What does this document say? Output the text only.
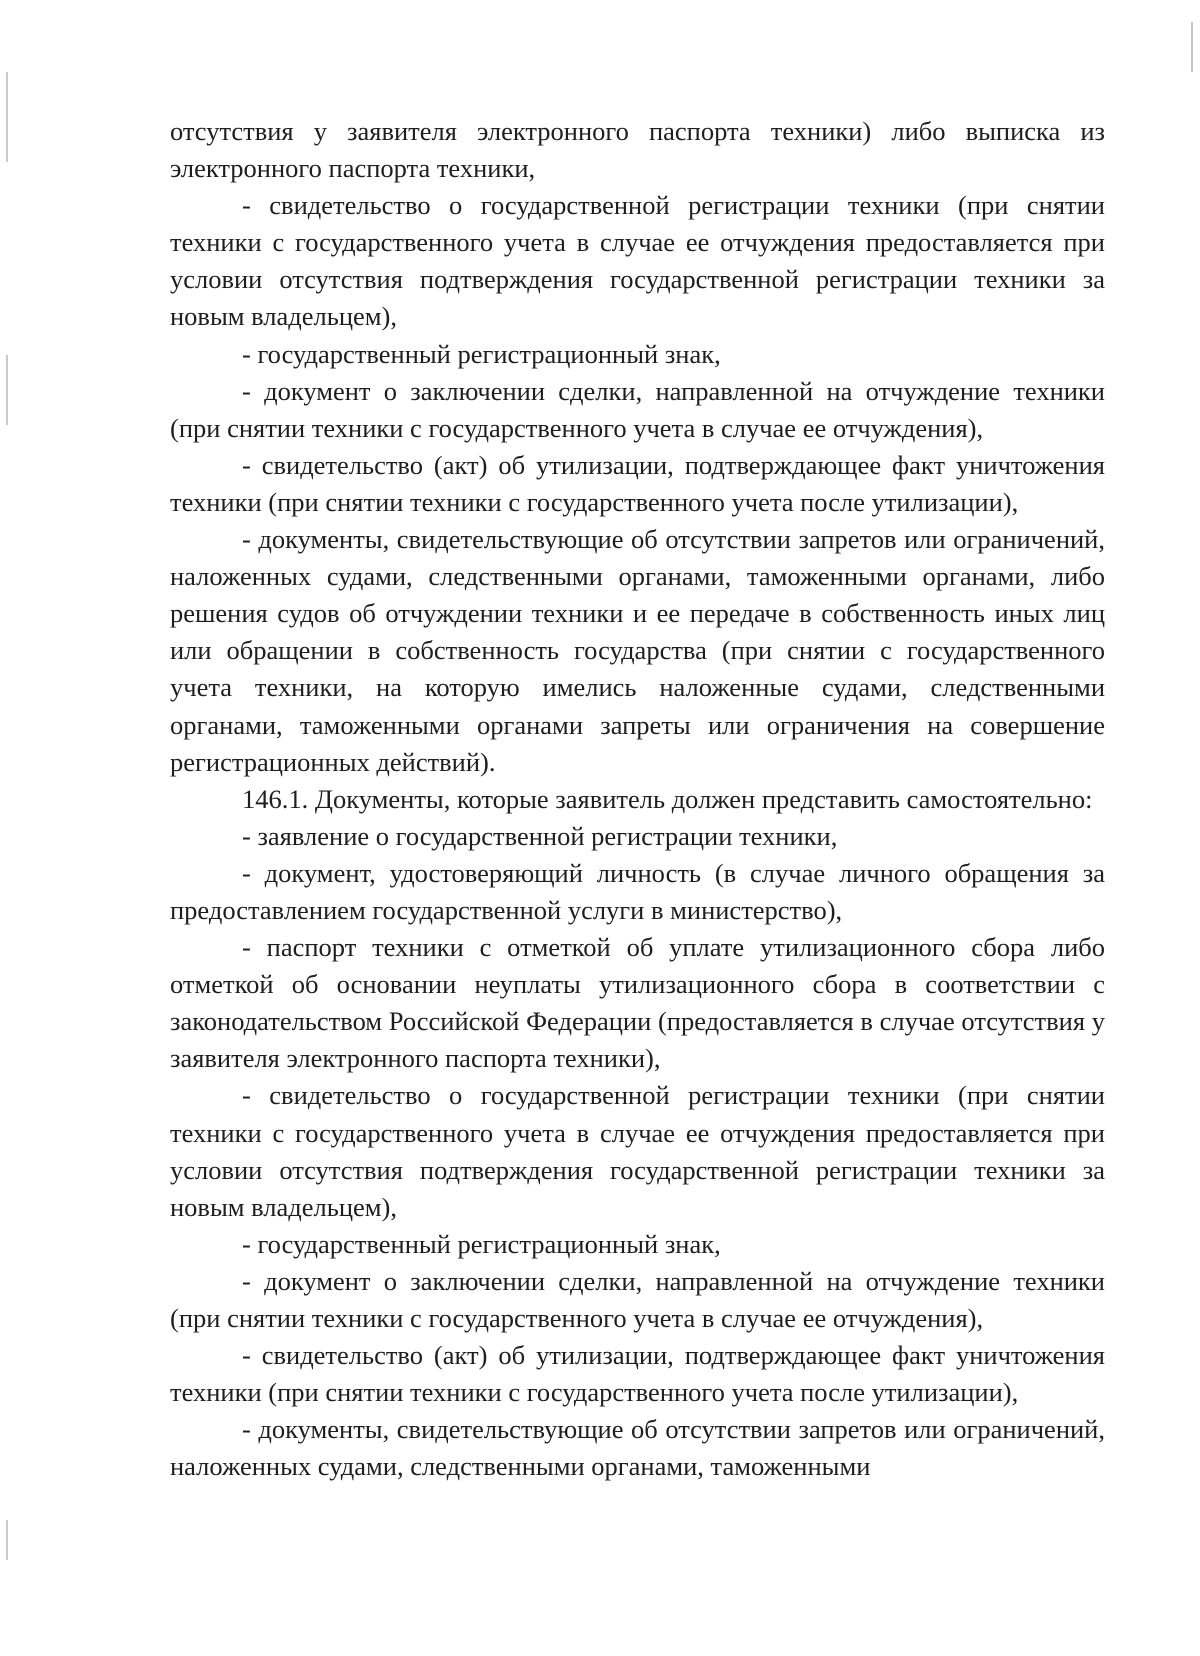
отсутствия у заявителя электронного паспорта техники) либо выписка из электронного паспорта техники,

- свидетельство о государственной регистрации техники (при снятии техники с государственного учета в случае ее отчуждения предоставляется при условии отсутствия подтверждения государственной регистрации техники за новым владельцем),

- государственный регистрационный знак,

- документ о заключении сделки, направленной на отчуждение техники (при снятии техники с государственного учета в случае ее отчуждения),

- свидетельство (акт) об утилизации, подтверждающее факт уничтожения техники (при снятии техники с государственного учета после утилизации),

- документы, свидетельствующие об отсутствии запретов или ограничений, наложенных судами, следственными органами, таможенными органами, либо решения судов об отчуждении техники и ее передаче в собственность иных лиц или обращении в собственность государства (при снятии с государственного учета техники, на которую имелись наложенные судами, следственными органами, таможенными органами запреты или ограничения на совершение регистрационных действий).

146.1. Документы, которые заявитель должен представить самостоятельно:

- заявление о государственной регистрации техники,

- документ, удостоверяющий личность (в случае личного обращения за предоставлением государственной услуги в министерство),

- паспорт техники с отметкой об уплате утилизационного сбора либо отметкой об основании неуплаты утилизационного сбора в соответствии с законодательством Российской Федерации (предоставляется в случае отсутствия у заявителя электронного паспорта техники),

- свидетельство о государственной регистрации техники (при снятии техники с государственного учета в случае ее отчуждения предоставляется при условии отсутствия подтверждения государственной регистрации техники за новым владельцем),

- государственный регистрационный знак,

- документ о заключении сделки, направленной на отчуждение техники (при снятии техники с государственного учета в случае ее отчуждения),

- свидетельство (акт) об утилизации, подтверждающее факт уничтожения техники (при снятии техники с государственного учета после утилизации),

- документы, свидетельствующие об отсутствии запретов или ограничений, наложенных судами, следственными органами, таможенными
